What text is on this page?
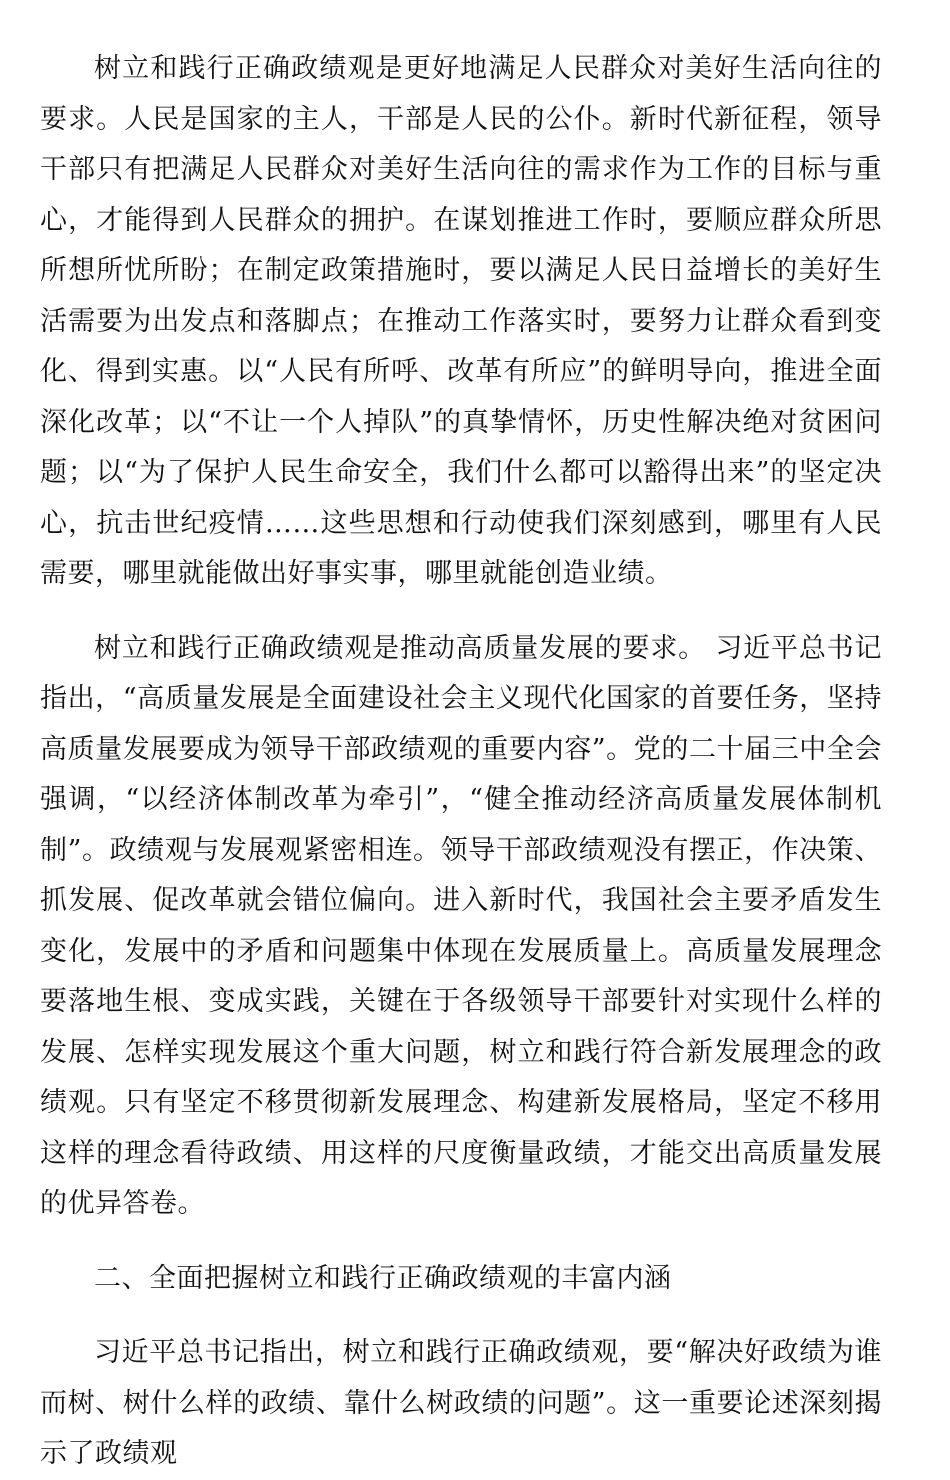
树立和践行正确政绩观是更好地满足人民群众对美好生活向往的要求。人民是国家的主人，干部是人民的公仆。新时代新征程，领导干部只有把满足人民群众对美好生活向往的需求作为工作的目标与重心，才能得到人民群众的拥护。在谋划推进工作时，要顺应群众所思所想所忧所盼；在制定政策措施时，要以满足人民日益增长的美好生活需要为出发点和落脚点；在推动工作落实时，要努力让群众看到变化、得到实惠。以“人民有所呼、改革有所应”的鲜明导向，推进全面深化改革；以“不让一个人掉队”的真挚情怀，历史性解决绝对贫困问题；以“为了保护人民生命安全，我们什么都可以豁得出来”的坚定决心，抗击世纪疫情……这些思想和行动使我们深刻感到，哪里有人民需要，哪里就能做出好事实事，哪里就能创造业绩。

树立和践行正确政绩观是推动高质量发展的要求。 习近平总书记指出，“高质量发展是全面建设社会主义现代化国家的首要任务，坚持高质量发展要成为领导干部政绩观的重要内容”。党的二十届三中全会强调，“以经济体制改革为牵引”，“健全推动经济高质量发展体制机制”。政绩观与发展观紧密相连。领导干部政绩观没有摆正，作决策、抓发展、促改革就会错位偏向。进入新时代，我国社会主要矛盾发生变化，发展中的矛盾和问题集中体现在发展质量上。高质量发展理念要落地生根、变成实践，关键在于各级领导干部要针对实现什么样的发展、怎样实现发展这个重大问题，树立和践行符合新发展理念的政绩观。只有坚定不移贯彻新发展理念、构建新发展格局，坚定不移用这样的理念看待政绩、用这样的尺度衡量政绩，才能交出高质量发展的优异答卷。

二、全面把握树立和践行正确政绩观的丰富内涵

习近平总书记指出，树立和践行正确政绩观，要“解决好政绩为谁而树、树什么样的政绩、靠什么树政绩的问题”。这一重要论述深刻揭示了政绩观
